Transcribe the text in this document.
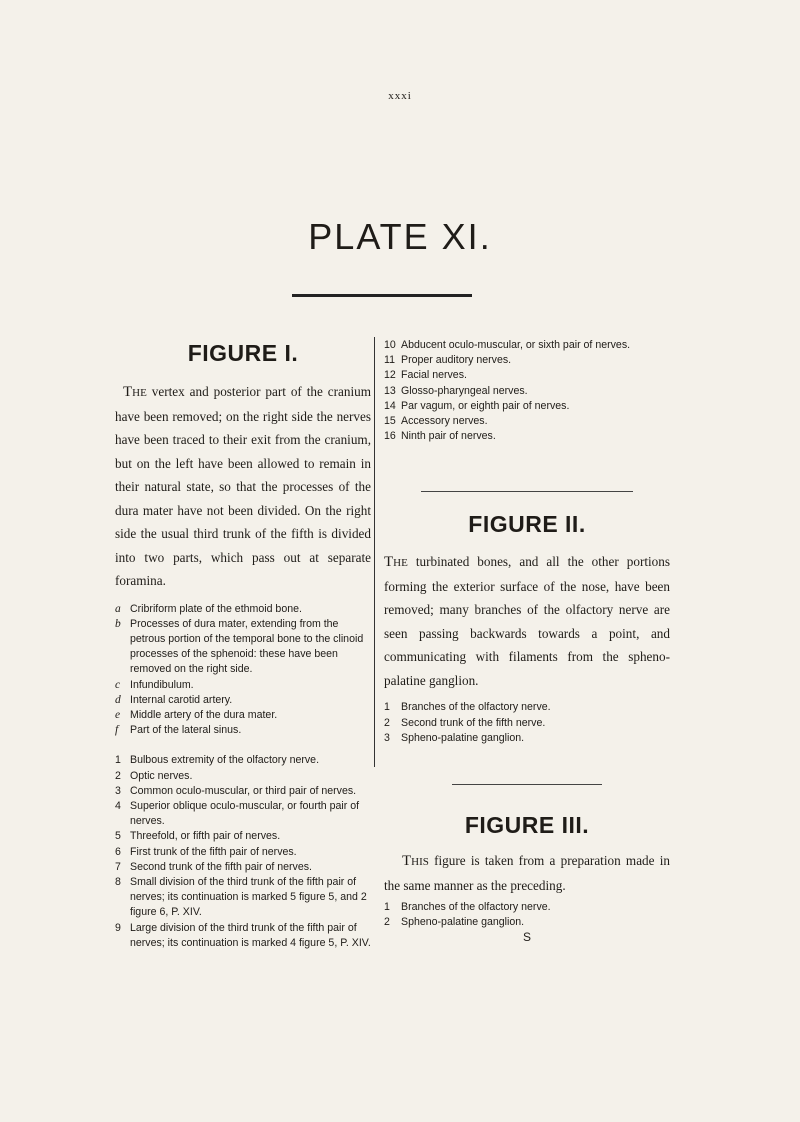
xxxi
PLATE XI.
FIGURE I.

The vertex and posterior part of the cranium have been removed; on the right side the nerves have been traced to their exit from the cranium, but on the left have been allowed to remain in their natural state, so that the processes of the dura mater have not been divided. On the right side the usual third trunk of the fifth is divided into two parts, which pass out at separate foramina.

a Cribriform plate of the ethmoid bone.
b Processes of dura mater, extending from the petrous portion of the temporal bone to the clinoid processes of the sphenoid: these have been removed on the right side.
c Infundibulum.
d Internal carotid artery.
e Middle artery of the dura mater.
f Part of the lateral sinus.
1 Bulbous extremity of the olfactory nerve.
2 Optic nerves.
3 Common oculo-muscular, or third pair of nerves.
4 Superior oblique oculo-muscular, or fourth pair of nerves.
5 Threefold, or fifth pair of nerves.
6 First trunk of the fifth pair of nerves.
7 Second trunk of the fifth pair of nerves.
8 Small division of the third trunk of the fifth pair of nerves; its continuation is marked 5 figure 5, and 2 figure 6, P. XIV.
9 Large division of the third trunk of the fifth pair of nerves; its continuation is marked 4 figure 5, P. XIV.
10 Abducent oculo-muscular, or sixth pair of nerves.
11 Proper auditory nerves.
12 Facial nerves.
13 Glosso-pharyngeal nerves.
14 Par vagum, or eighth pair of nerves.
15 Accessory nerves.
16 Ninth pair of nerves.
FIGURE II.

The turbinated bones, and all the other portions forming the exterior surface of the nose, have been removed; many branches of the olfactory nerve are seen passing backwards towards a point, and communicating with filaments from the spheno-palatine ganglion.

1 Branches of the olfactory nerve.
2 Second trunk of the fifth nerve.
3 Spheno-palatine ganglion.
FIGURE III.

This figure is taken from a preparation made in the same manner as the preceding.

1 Branches of the olfactory nerve.
2 Spheno-palatine ganglion.
S
